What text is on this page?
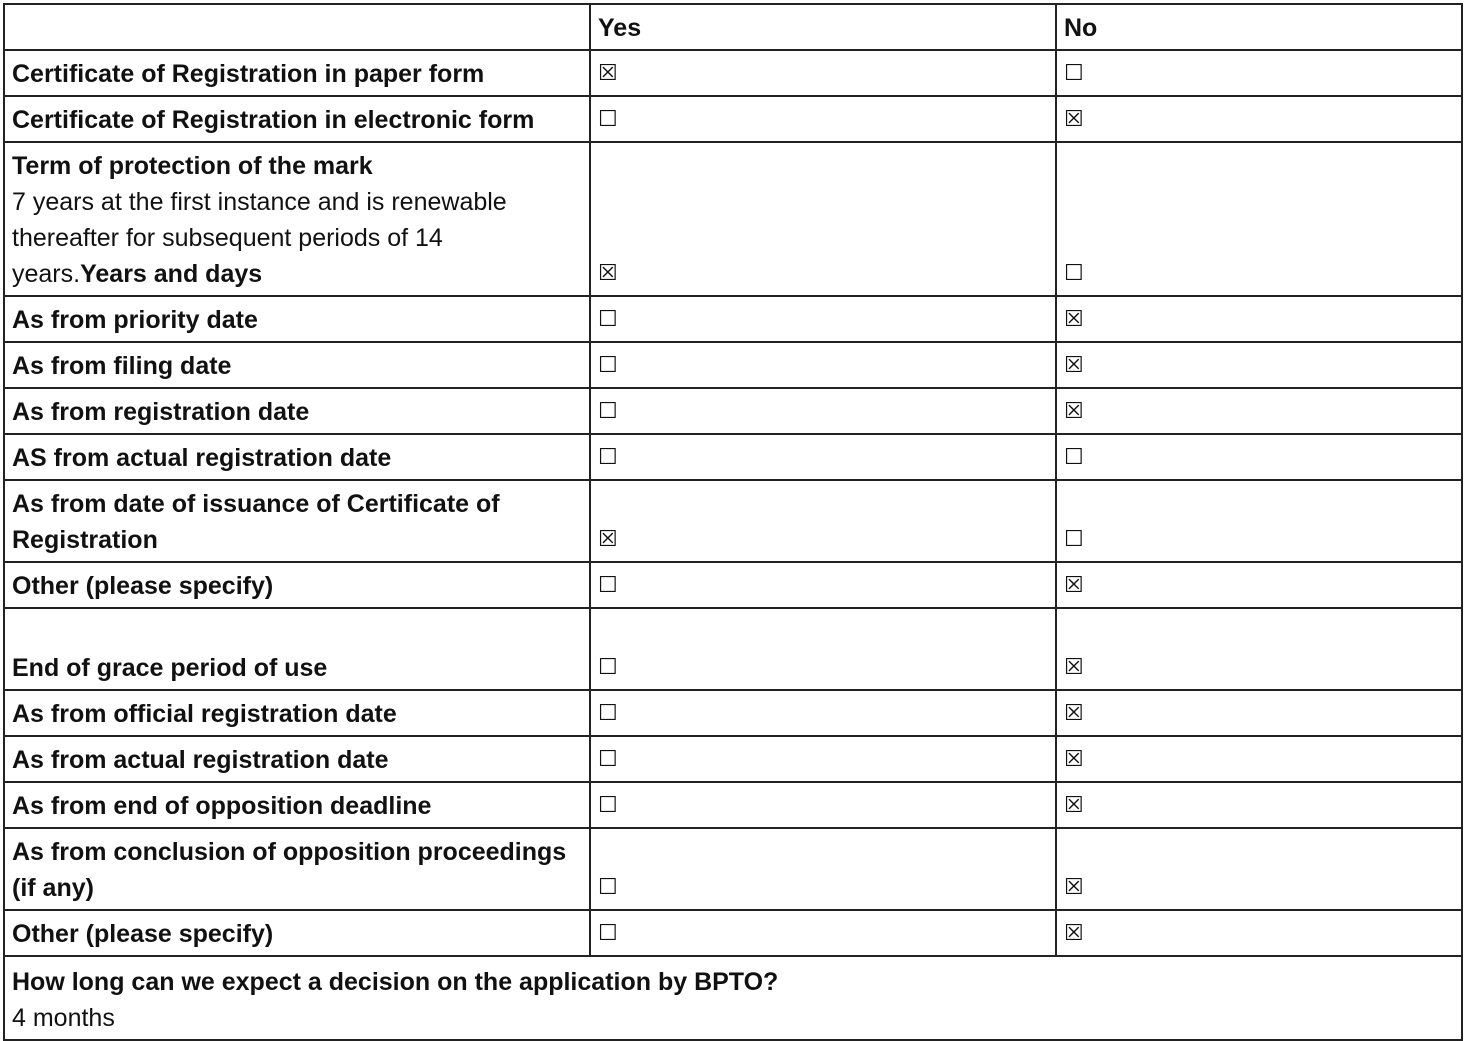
	Yes	No
Certificate of Registration in paper form	☒	☐
Certificate of Registration in electronic form	☐	☒

Term of protection of the mark
7 years at the first instance and is renewable thereafter for subsequent periods of 14 years.Years and days	☒	☐
As from priority date	☐	☒
As from filing date	☐	☒
As from registration date	☐	☒
AS from actual registration date	☐	☐
As from date of issuance of Certificate of Registration	☒	☐
Other (please specify)	☐	☒
End of grace period of use	☐	☒
As from official registration date	☐	☒
As from actual registration date	☐	☒
As from end of opposition deadline	☐	☒
As from conclusion of opposition proceedings (if any)	☐	☒
Other (please specify)	☐	☒

How long can we expect a decision on the application by BPTO?
4 months		
